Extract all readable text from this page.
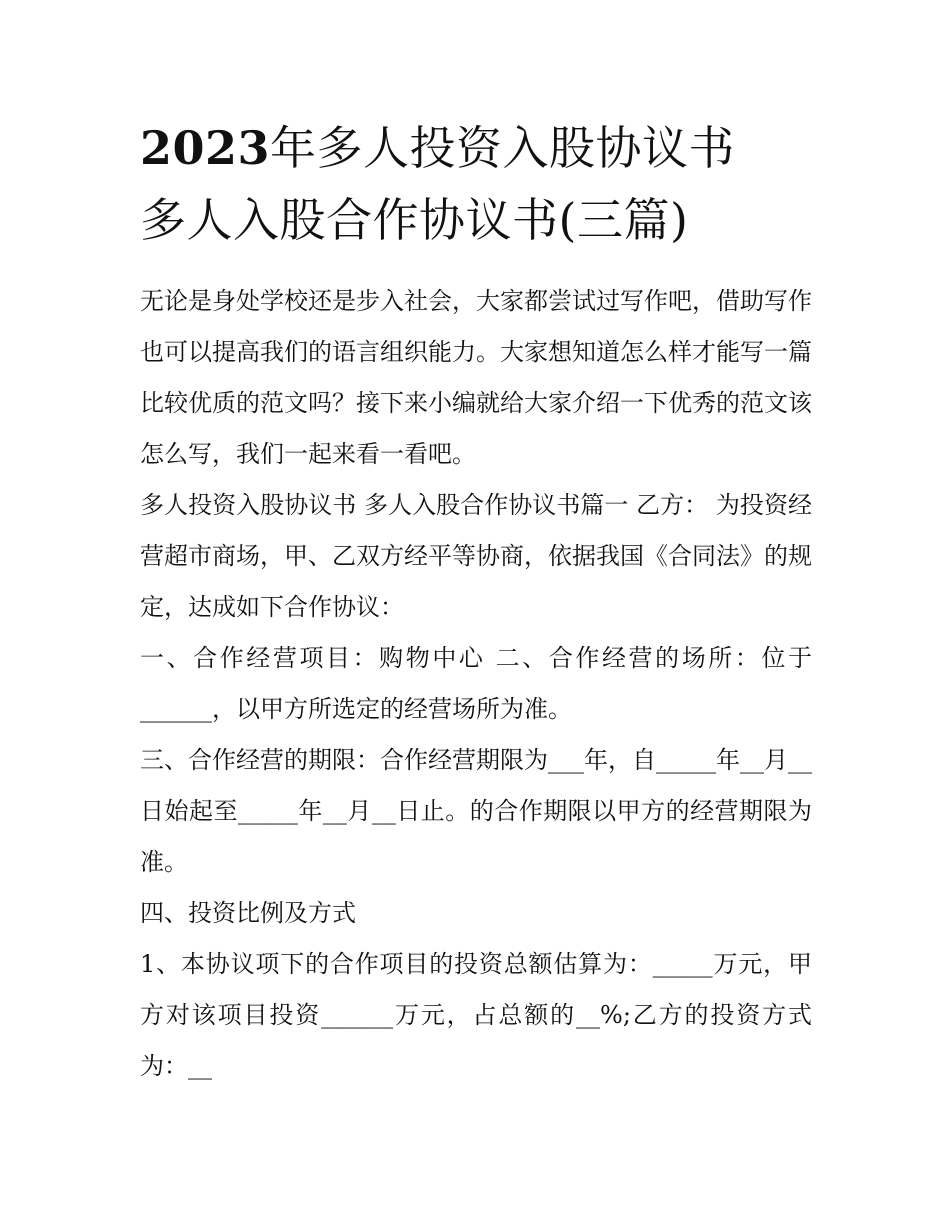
2023年多人投资入股协议书
多人入股合作协议书(三篇)

无论是身处学校还是步入社会，大家都尝试过写作吧，借助写作也可以提高我们的语言组织能力。大家想知道怎么样才能写一篇比较优质的范文吗？接下来小编就给大家介绍一下优秀的范文该怎么写，我们一起来看一看吧。

多人投资入股协议书 多人入股合作协议书篇一 乙方： 为投资经营超市商场，甲、乙双方经平等协商，依据我国《合同法》的规定，达成如下合作协议：

一、合作经营项目：购物中心 二、合作经营的场所：位于______，以甲方所选定的经营场所为准。

三、合作经营的期限：合作经营期限为___年，自_____年__月__日始起至_____年__月__日止。的合作期限以甲方的经营期限为准。

四、投资比例及方式

1、本协议项下的合作项目的投资总额估算为：_____万元，甲方对该项目投资______万元，占总额的__%;乙方的投资方式为：__
